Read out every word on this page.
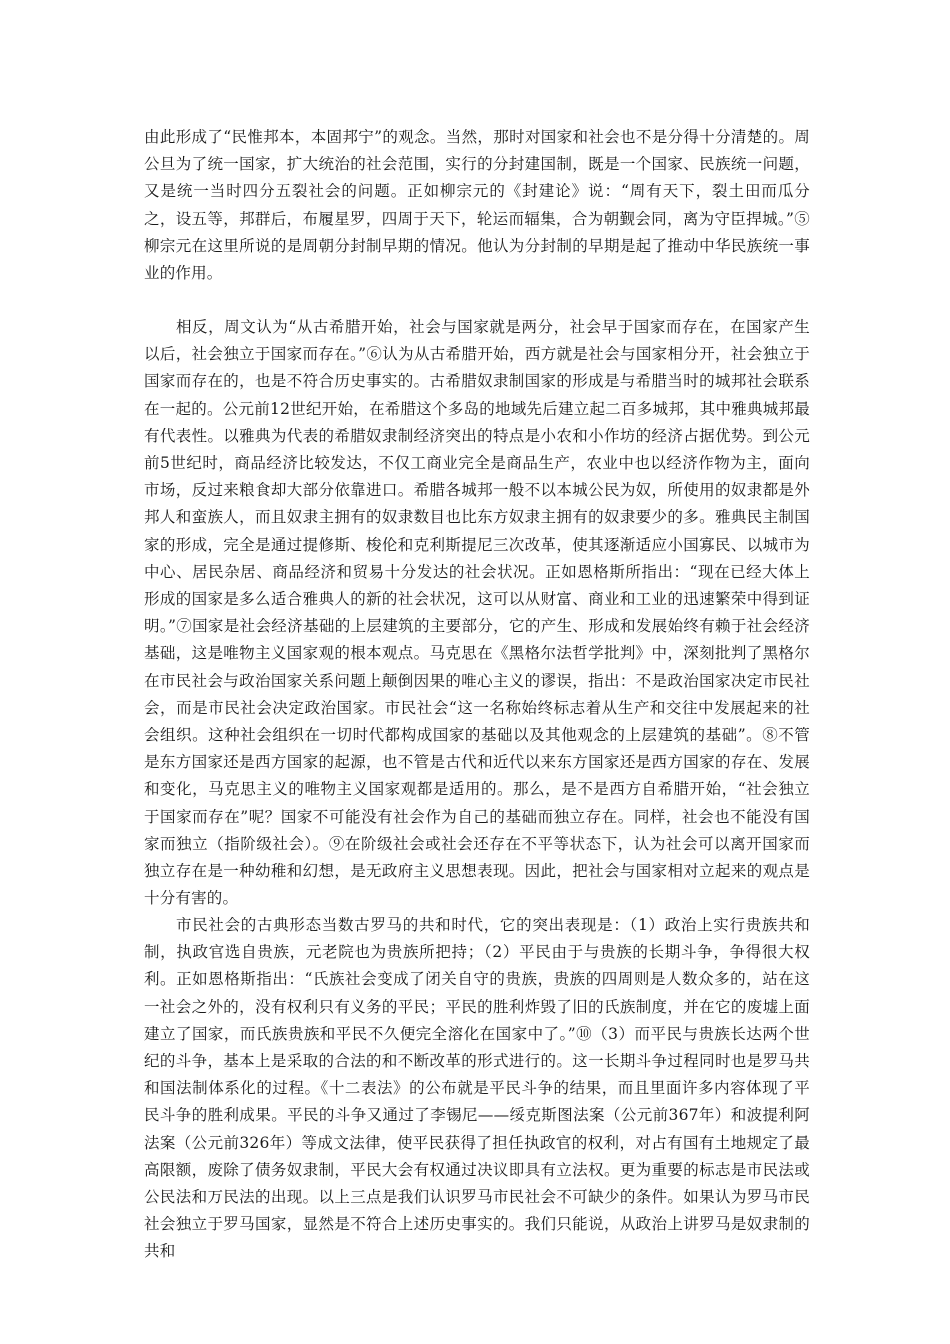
由此形成了“民惟邦本，本固邦宁”的观念。当然，那时对国家和社会也不是分得十分清楚的。周公旦为了统一国家，扩大统治的社会范围，实行的分封建国制，既是一个国家、民族统一问题，又是统一当时四分五裂社会的问题。正如柳宗元的《封建论》说：“周有天下，裂土田而瓜分之，设五等，邦群后，布履星罗，四周于天下，轮运而辐集，合为朝觐会同，离为守臣捍城。”⑤柳宗元在这里所说的是周朝分封制早期的情况。他认为分封制的早期是起了推动中华民族统一事业的作用。

相反，周文认为“从古希腊开始，社会与国家就是两分，社会早于国家而存在，在国家产生以后，社会独立于国家而存在。”⑥认为从古希腊开始，西方就是社会与国家相分开，社会独立于国家而存在的，也是不符合历史事实的。古希腊奴隶制国家的形成是与希腊当时的城邦社会联系在一起的。公元前12世纪开始，在希腊这个多岛的地域先后建立起二百多城邦，其中雅典城邦最有代表性。以雅典为代表的希腊奴隶制经济突出的特点是小农和小作坊的经济占据优势。到公元前5世纪时，商品经济比较发达，不仅工商业完全是商品生产，农业中也以经济作物为主，面向市场，反过来粮食却大部分依靠进口。希腊各城邦一般不以本城公民为奴，所使用的奴隶都是外邦人和蛮族人，而且奴隶主拥有的奴隶数目也比东方奴隶主拥有的奴隶要少的多。雅典民主制国家的形成，完全是通过提修斯、梭伦和克利斯提尼三次改革，使其逐渐适应小国寡民、以城市为中心、居民杂居、商品经济和贸易十分发达的社会状况。正如恩格斯所指出：“现在已经大体上形成的国家是多么适合雅典人的新的社会状况，这可以从财富、商业和工业的迅速繁荣中得到证明。”⑦国家是社会经济基础的上层建筑的主要部分，它的产生、形成和发展始终有赖于社会经济基础，这是唯物主义国家观的根本观点。马克思在《黑格尔法哲学批判》中，深刻批判了黑格尔在市民社会与政治国家关系问题上颠倒因果的唯心主义的谬误，指出：不是政治国家决定市民社会，而是市民社会决定政治国家。市民社会“这一名称始终标志着从生产和交往中发展起来的社会组织。这种社会组织在一切时代都构成国家的基础以及其他观念的上层建筑的基础”。⑧不管是东方国家还是西方国家的起源，也不管是古代和近代以来东方国家还是西方国家的存在、发展和变化，马克思主义的唯物主义国家观都是适用的。那么，是不是西方自希腊开始，“社会独立于国家而存在”呢？国家不可能没有社会作为自己的基础而独立存在。同样，社会也不能没有国家而独立（指阶级社会）。⑨在阶级社会或社会还存在不平等状态下，认为社会可以离开国家而独立存在是一种幼稚和幻想，是无政府主义思想表现。因此，把社会与国家相对立起来的观点是十分有害的。

市民社会的古典形态当数古罗马的共和时代，它的突出表现是：（1）政治上实行贵族共和制，执政官选自贵族，元老院也为贵族所把持；（2）平民由于与贵族的长期斗争，争得很大权利。正如恩格斯指出：“氏族社会变成了闭关自守的贵族，贵族的四周则是人数众多的，站在这一社会之外的，没有权利只有义务的平民；平民的胜利炸毁了旧的氏族制度，并在它的废墟上面建立了国家，而氏族贵族和平民不久便完全溶化在国家中了。”⑩（3）而平民与贵族长达两个世纪的斗争，基本上是采取的合法的和不断改革的形式进行的。这一长期斗争过程同时也是罗马共和国法制体系化的过程。《十二表法》的公布就是平民斗争的结果，而且里面许多内容体现了平民斗争的胜利成果。平民的斗争又通过了李锡尼——绥克斯图法案（公元前367年）和波提利阿法案（公元前326年）等成文法律，使平民获得了担任执政官的权利，对占有国有土地规定了最高限额，废除了债务奴隶制，平民大会有权通过决议即具有立法权。更为重要的标志是市民法或公民法和万民法的出现。以上三点是我们认识罗马市民社会不可缺少的条件。如果认为罗马市民社会独立于罗马国家，显然是不符合上述历史事实的。我们只能说，从政治上讲罗马是奴隶制的共和
